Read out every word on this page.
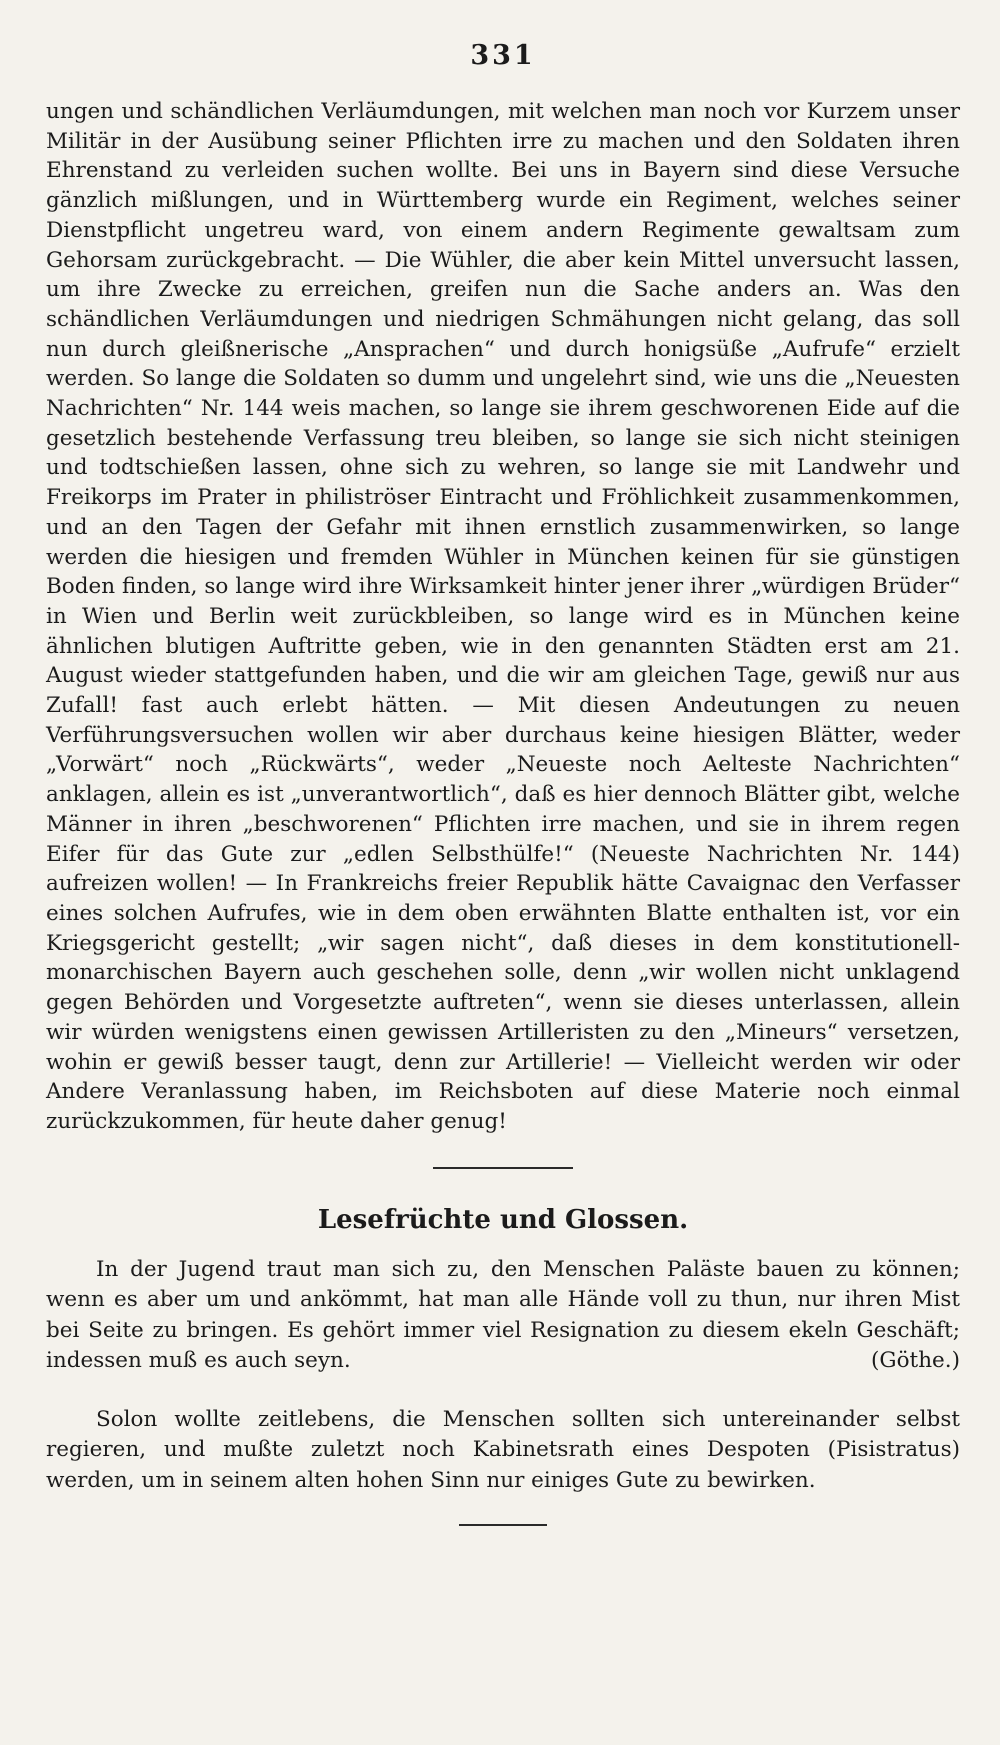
331

ungen und schändlichen Verläumdungen, mit welchen man noch vor Kurzem unser Militär in der Ausübung seiner Pflichten irre zu machen und den Soldaten ihren Ehrenstand zu verleiden suchen wollte. Bei uns in Bayern sind diese Versuche gänzlich mißlungen, und in Württemberg wurde ein Regiment, welches seiner Dienstpflicht ungetreu ward, von einem andern Regimente gewaltsam zum Gehorsam zurückgebracht. — Die Wühler, die aber kein Mittel unversucht lassen, um ihre Zwecke zu erreichen, greifen nun die Sache anders an. Was den schändlichen Verläumdungen und niedrigen Schmähungen nicht gelang, das soll nun durch gleißnerische „Ansprachen“ und durch honigsüße „Aufrufe“ erzielt werden. So lange die Soldaten so dumm und ungelehrt sind, wie uns die „Neuesten Nachrichten“ Nr. 144 weis machen, so lange sie ihrem geschworenen Eide auf die gesetzlich bestehende Verfassung treu bleiben, so lange sie sich nicht steinigen und todtschießen lassen, ohne sich zu wehren, so lange sie mit Landwehr und Freikorps im Prater in philiströser Eintracht und Fröhlichkeit zusammenkommen, und an den Tagen der Gefahr mit ihnen ernstlich zusammenwirken, so lange werden die hiesigen und fremden Wühler in München keinen für sie günstigen Boden finden, so lange wird ihre Wirksamkeit hinter jener ihrer „würdigen Brüder“ in Wien und Berlin weit zurückbleiben, so lange wird es in München keine ähnlichen blutigen Auftritte geben, wie in den genannten Städten erst am 21. August wieder stattgefunden haben, und die wir am gleichen Tage, gewiß nur aus Zufall! fast auch erlebt hätten. — Mit diesen Andeutungen zu neuen Verführungsversuchen wollen wir aber durchaus keine hiesigen Blätter, weder „Vorwärt“ noch „Rückwärts“, weder „Neueste noch Aelteste Nachrichten“ anklagen, allein es ist „unverantwortlich“, daß es hier dennoch Blätter gibt, welche Männer in ihren „beschworenen“ Pflichten irre machen, und sie in ihrem regen Eifer für das Gute zur „edlen Selbsthülfe!“ (Neueste Nachrichten Nr. 144) aufreizen wollen! — In Frankreichs freier Republik hätte Cavaignac den Verfasser eines solchen Aufrufes, wie in dem oben erwähnten Blatte enthalten ist, vor ein Kriegsgericht gestellt; „wir sagen nicht“, daß dieses in dem konstitutionell-monarchischen Bayern auch geschehen solle, denn „wir wollen nicht unklagend gegen Behörden und Vorgesetzte auftreten“, wenn sie dieses unterlassen, allein wir würden wenigstens einen gewissen Artilleristen zu den „Mineurs“ versetzen, wohin er gewiß besser taugt, denn zur Artillerie! — Vielleicht werden wir oder Andere Veranlassung haben, im Reichsboten auf diese Materie noch einmal zurückzukommen, für heute daher genug!

Lesefrüchte und Glossen.

In der Jugend traut man sich zu, den Menschen Paläste bauen zu können; wenn es aber um und ankömmt, hat man alle Hände voll zu thun, nur ihren Mist bei Seite zu bringen. Es gehört immer viel Resignation zu diesem ekeln Geschäft; indessen muß es auch seyn.	(Göthe.)

Solon wollte zeitlebens, die Menschen sollten sich untereinander selbst regieren, und mußte zuletzt noch Kabinetsrath eines Despoten (Pisistratus) werden, um in seinem alten hohen Sinn nur einiges Gute zu bewirken.
